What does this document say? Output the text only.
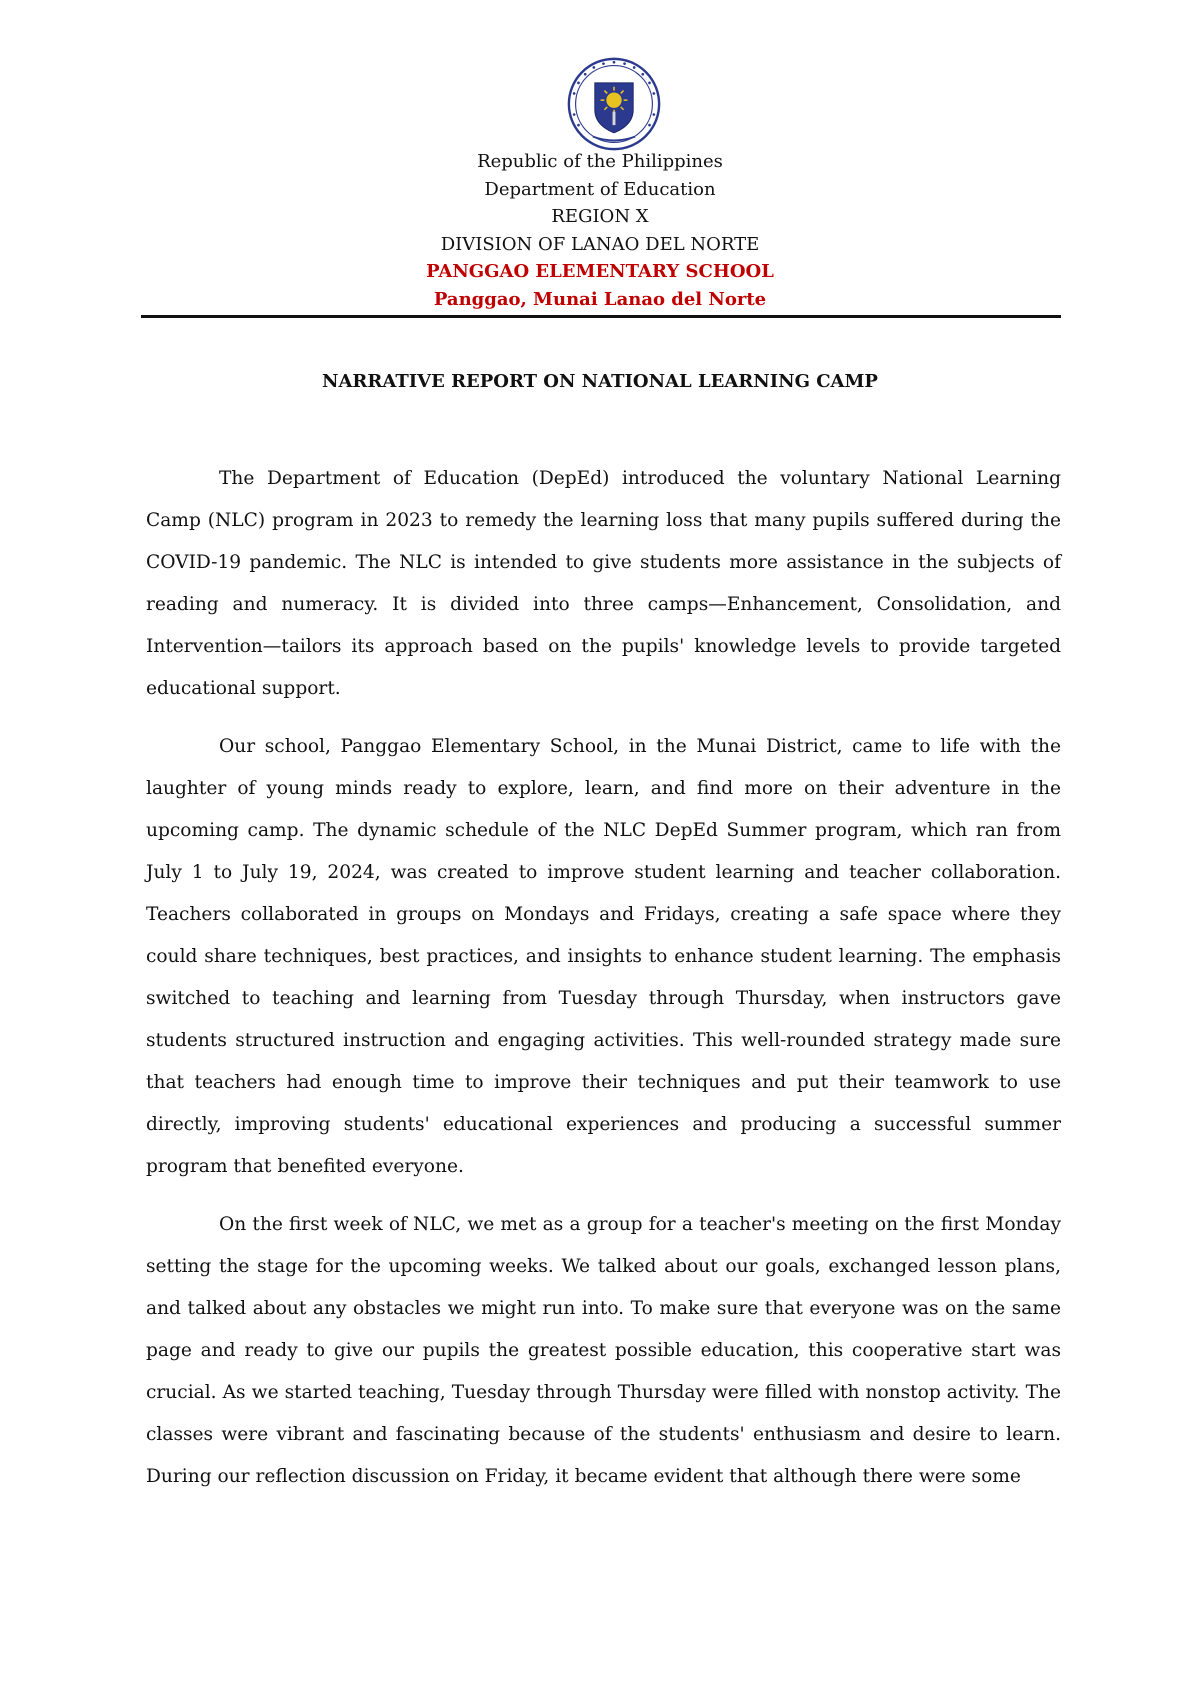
Republic of the Philippines
Department of Education
REGION X
DIVISION OF LANAO DEL NORTE
PANGGAO ELEMENTARY SCHOOL
Panggao, Munai Lanao del Norte
NARRATIVE REPORT ON NATIONAL LEARNING CAMP

The Department of Education (DepEd) introduced the voluntary National Learning Camp (NLC) program in 2023 to remedy the learning loss that many pupils suffered during the COVID-19 pandemic. The NLC is intended to give students more assistance in the subjects of reading and numeracy. It is divided into three camps—Enhancement, Consolidation, and Intervention—tailors its approach based on the pupils' knowledge levels to provide targeted educational support.

Our school, Panggao Elementary School, in the Munai District, came to life with the laughter of young minds ready to explore, learn, and find more on their adventure in the upcoming camp. The dynamic schedule of the NLC DepEd Summer program, which ran from July 1 to July 19, 2024, was created to improve student learning and teacher collaboration. Teachers collaborated in groups on Mondays and Fridays, creating a safe space where they could share techniques, best practices, and insights to enhance student learning. The emphasis switched to teaching and learning from Tuesday through Thursday, when instructors gave students structured instruction and engaging activities. This well-rounded strategy made sure that teachers had enough time to improve their techniques and put their teamwork to use directly, improving students' educational experiences and producing a successful summer program that benefited everyone.

On the first week of NLC, we met as a group for a teacher's meeting on the first Monday setting the stage for the upcoming weeks. We talked about our goals, exchanged lesson plans, and talked about any obstacles we might run into. To make sure that everyone was on the same page and ready to give our pupils the greatest possible education, this cooperative start was crucial. As we started teaching, Tuesday through Thursday were filled with nonstop activity. The classes were vibrant and fascinating because of the students' enthusiasm and desire to learn. During our reflection discussion on Friday, it became evident that although there were some
